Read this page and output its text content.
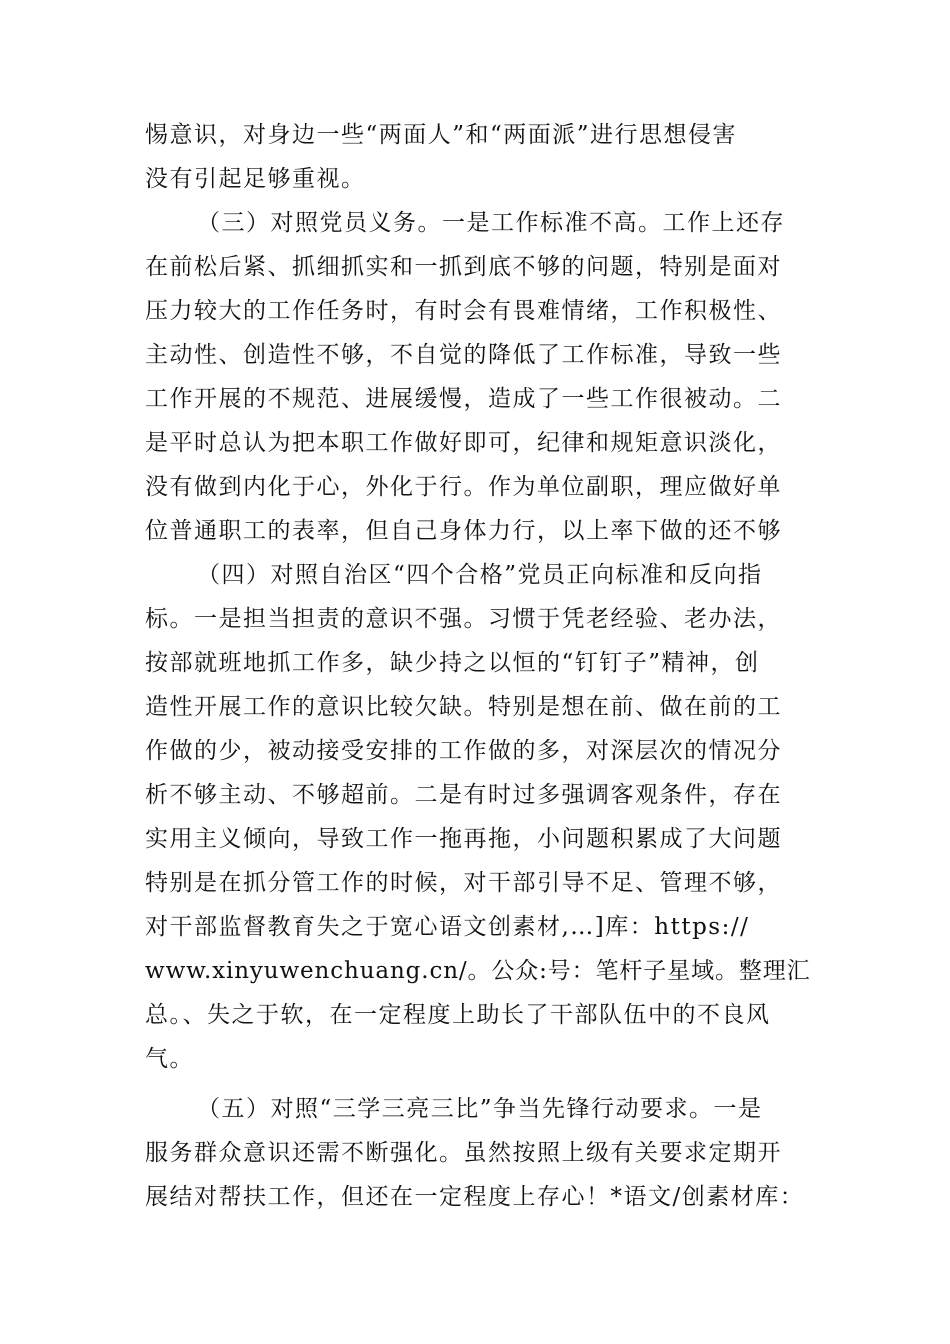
惕意识，对身边一些“两面人”和“两面派”进行思想侵害
没有引起足够重视。
（三）对照党员义务。一是工作标准不高。工作上还存
在前松后紧、抓细抓实和一抓到底不够的问题，特别是面对
压力较大的工作任务时，有时会有畏难情绪，工作积极性、
主动性、创造性不够，不自觉的降低了工作标准，导致一些
工作开展的不规范、进展缓慢，造成了一些工作很被动。二
是平时总认为把本职工作做好即可，纪律和规矩意识淡化，
没有做到内化于心，外化于行。作为单位副职，理应做好单
位普通职工的表率，但自己身体力行，以上率下做的还不够
（四）对照自治区“四个合格”党员正向标准和反向指
标。一是担当担责的意识不强。习惯于凭老经验、老办法，
按部就班地抓工作多，缺少持之以恒的“钉钉子”精神，创
造性开展工作的意识比较欠缺。特别是想在前、做在前的工
作做的少，被动接受安排的工作做的多，对深层次的情况分
析不够主动、不够超前。二是有时过多强调客观条件，存在
实用主义倾向，导致工作一拖再拖，小问题积累成了大问题
特别是在抓分管工作的时候，对干部引导不足、管理不够，
对干部监督教育失之于宽心语文创素材,…]库：https://
www.xinyuwenchuang.cn/。公众:号：笔杆子星域。整理汇
总。、失之于软，在一定程度上助长了干部队伍中的不良风
气。
（五）对照“三学三亮三比”争当先锋行动要求。一是
服务群众意识还需不断强化。虽然按照上级有关要求定期开
展结对帮扶工作，但还在一定程度上存心！*语文/创素材库：
